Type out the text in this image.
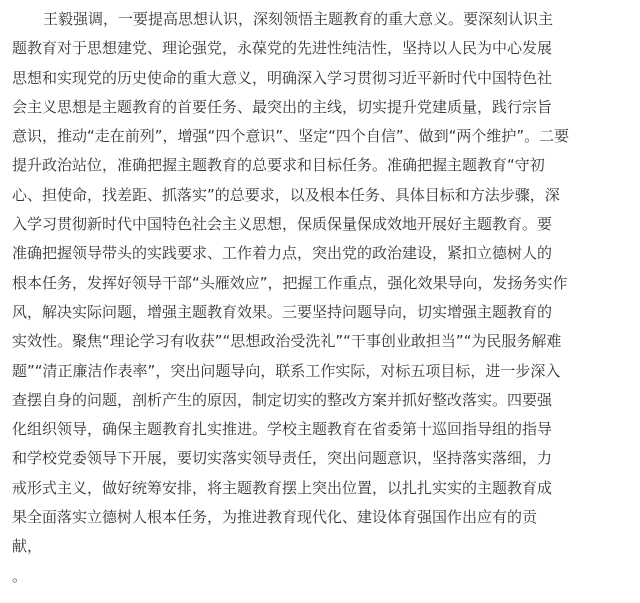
王毅强调，一要提高思想认识，深刻领悟主题教育的重大意义。要深刻认识主
题教育对于思想建党、理论强党，永葆党的先进性纯洁性，坚持以人民为中心发展
思想和实现党的历史使命的重大意义，明确深入学习贯彻习近平新时代中国特色社
会主义思想是主题教育的首要任务、最突出的主线，切实提升党建质量，践行宗旨
意识，推动“走在前列”，增强“四个意识”、坚定“四个自信”、做到“两个维护”。二要
提升政治站位，准确把握主题教育的总要求和目标任务。准确把握主题教育“守初
心、担使命，找差距、抓落实”的总要求，以及根本任务、具体目标和方法步骤，深
入学习贯彻新时代中国特色社会主义思想，保质保量保成效地开展好主题教育。要
准确把握领导带头的实践要求、工作着力点，突出党的政治建设，紧扣立德树人的
根本任务，发挥好领导干部“头雁效应”，把握工作重点，强化效果导向，发扬务实作
风，解决实际问题，增强主题教育效果。三要坚持问题导向，切实增强主题教育的
实效性。聚焦“理论学习有收获”“思想政治受洗礼”“干事创业敢担当”“为民服务解难
题”“清正廉洁作表率”，突出问题导向，联系工作实际，对标五项目标，进一步深入
查摆自身的问题，剖析产生的原因，制定切实的整改方案并抓好整改落实。四要强
化组织领导，确保主题教育扎实推进。学校主题教育在省委第十巡回指导组的指导
和学校党委领导下开展，要切实落实领导责任，突出问题意识，坚持落实落细，力
戒形式主义，做好统筹安排，将主题教育摆上突出位置，以扎扎实实的主题教育成
果全面落实立德树人根本任务，为推进教育现代化、建设体育强国作出应有的贡
献，
。
